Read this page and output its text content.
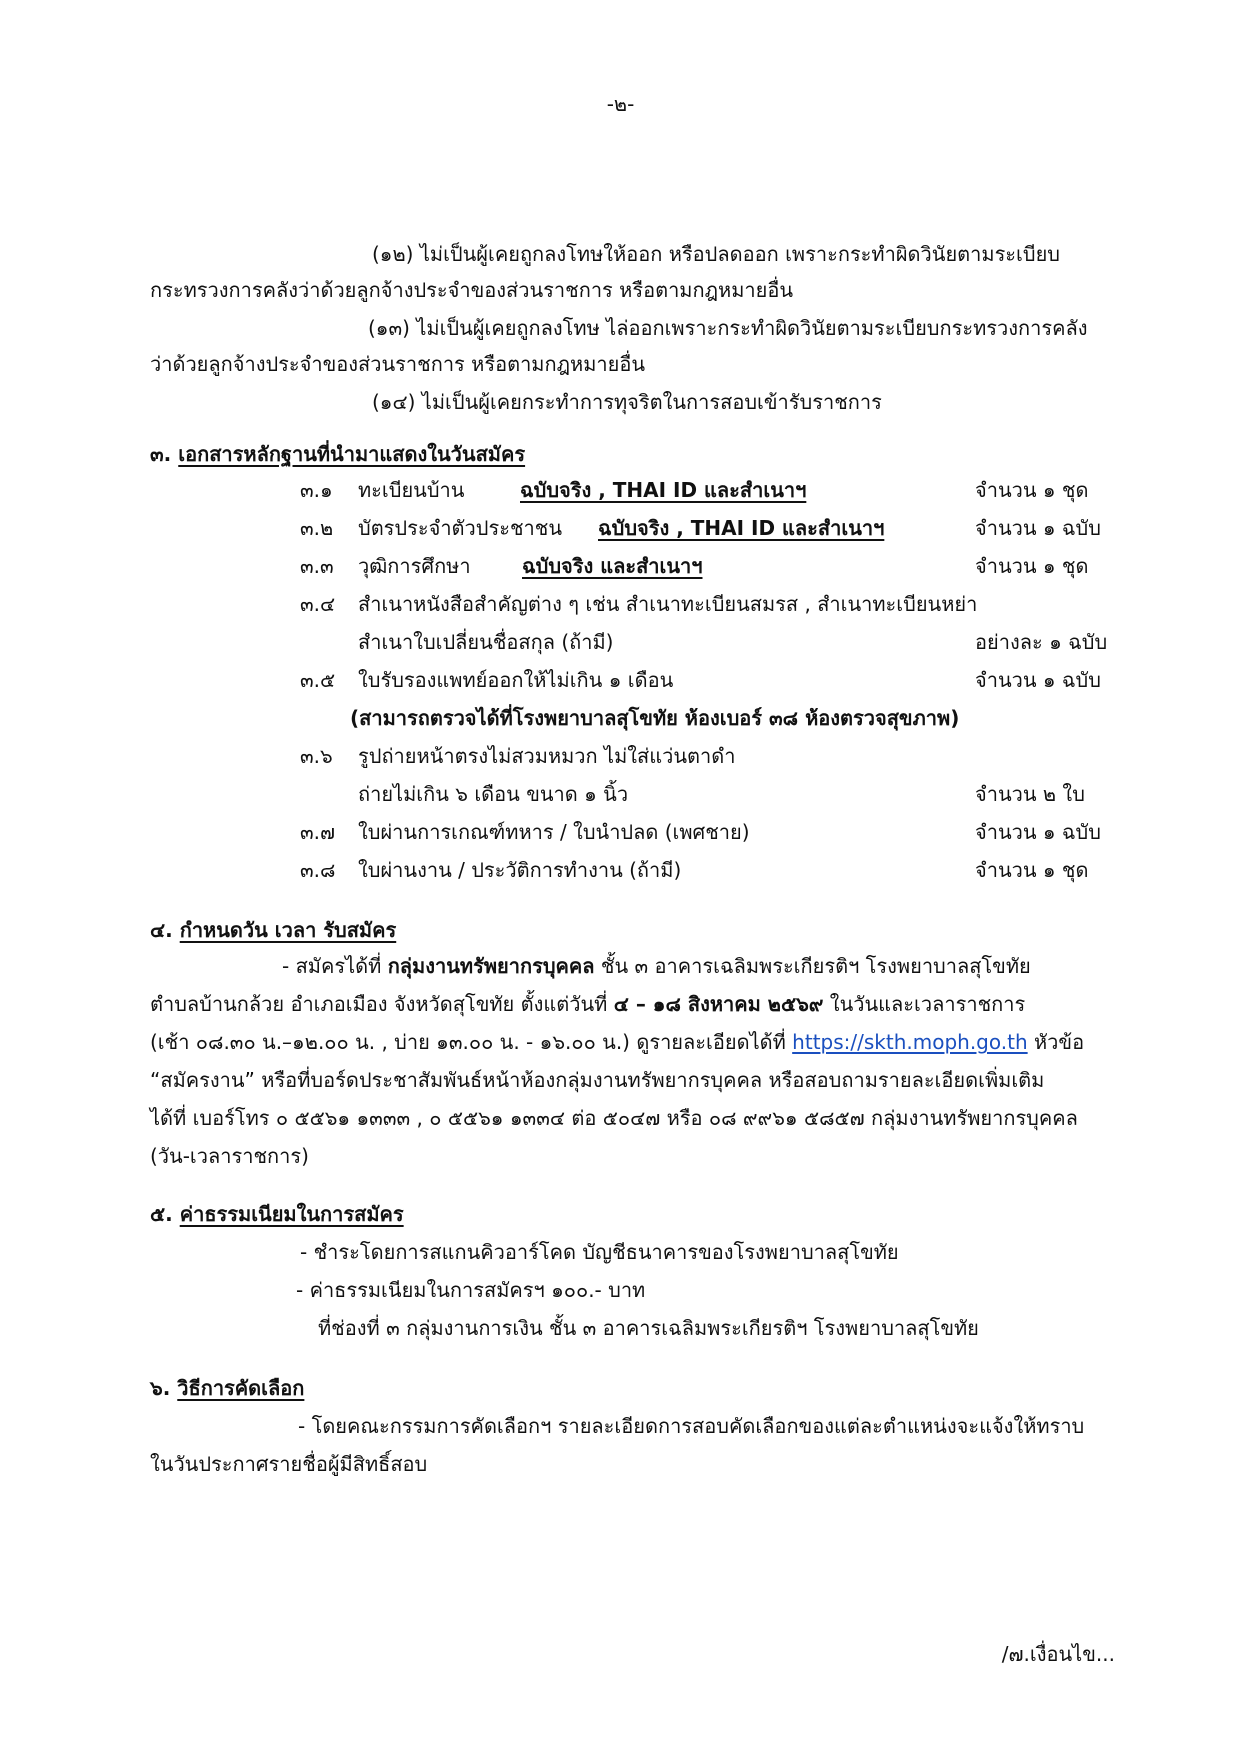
-๒-
(๑๒) ไม่เป็นผู้เคยถูกลงโทษให้ออก หรือปลดออก เพราะกระทำผิดวินัยตามระเบียบ
กระทรวงการคลังว่าด้วยลูกจ้างประจำของส่วนราชการ หรือตามกฎหมายอื่น
(๑๓) ไม่เป็นผู้เคยถูกลงโทษ ไล่ออกเพราะกระทำผิดวินัยตามระเบียบกระทรวงการคลัง
ว่าด้วยลูกจ้างประจำของส่วนราชการ หรือตามกฎหมายอื่น
(๑๔) ไม่เป็นผู้เคยกระทำการทุจริตในการสอบเข้ารับราชการ
๓. เอกสารหลักฐานที่นำมาแสดงในวันสมัคร
๓.๑ ทะเบียนบ้าน	ฉบับจริง , THAI ID และสำเนาฯ	จำนวน ๑ ชุด
๓.๒ บัตรประจำตัวประชาชน ฉบับจริง , THAI ID และสำเนาฯ	จำนวน ๑ ฉบับ
๓.๓ วุฒิการศึกษา	ฉบับจริง และสำเนาฯ	จำนวน ๑ ชุด
๓.๔ สำเนาหนังสือสำคัญต่าง ๆ เช่น สำเนาทะเบียนสมรส , สำเนาทะเบียนหย่า
สำเนาใบเปลี่ยนชื่อสกุล (ถ้ามี)	อย่างละ ๑ ฉบับ
๓.๕ ใบรับรองแพทย์ออกให้ไม่เกิน ๑ เดือน	จำนวน ๑ ฉบับ
(สามารถตรวจได้ที่โรงพยาบาลสุโขทัย ห้องเบอร์ ๓๘ ห้องตรวจสุขภาพ)
๓.๖ รูปถ่ายหน้าตรงไม่สวมหมวก ไม่ใส่แว่นตาดำ
ถ่ายไม่เกิน ๖ เดือน ขนาด ๑ นิ้ว	จำนวน ๒ ใบ
๓.๗ ใบผ่านการเกณฑ์ทหาร / ใบนำปลด (เพศชาย)	จำนวน ๑ ฉบับ
๓.๘ ใบผ่านงาน / ประวัติการทำงาน (ถ้ามี)	จำนวน ๑ ชุด
๔. กำหนดวัน เวลา รับสมัคร
- สมัครได้ที่ กลุ่มงานทรัพยากรบุคคล ชั้น ๓ อาคารเฉลิมพระเกียรติฯ โรงพยาบาลสุโขทัย
ตำบลบ้านกล้วย อำเภอเมือง จังหวัดสุโขทัย ตั้งแต่วันที่ ๔ – ๑๘ สิงหาคม ๒๕๖๙ ในวันและเวลาราชการ
(เช้า ๐๘.๓๐ น.–๑๒.๐๐ น. , บ่าย ๑๓.๐๐ น. - ๑๖.๐๐ น.) ดูรายละเอียดได้ที่ https://skth.moph.go.th หัวข้อ
“สมัครงาน” หรือที่บอร์ดประชาสัมพันธ์หน้าห้องกลุ่มงานทรัพยากรบุคคล หรือสอบถามรายละเอียดเพิ่มเติม
ได้ที่ เบอร์โทร ๐ ๕๕๖๑ ๑๓๓๓ , ๐ ๕๕๖๑ ๑๓๓๔ ต่อ ๕๐๔๗ หรือ ๐๘ ๙๙๖๑ ๕๘๕๗ กลุ่มงานทรัพยากรบุคคล
(วัน-เวลาราชการ)
๕. ค่าธรรมเนียมในการสมัคร
- ชำระโดยการสแกนคิวอาร์โคด บัญชีธนาคารของโรงพยาบาลสุโขทัย
- ค่าธรรมเนียมในการสมัครฯ ๑๐๐.- บาท
ที่ช่องที่ ๓ กลุ่มงานการเงิน ชั้น ๓ อาคารเฉลิมพระเกียรติฯ โรงพยาบาลสุโขทัย
๖. วิธีการคัดเลือก
- โดยคณะกรรมการคัดเลือกฯ รายละเอียดการสอบคัดเลือกของแต่ละตำแหน่งจะแจ้งให้ทราบ
ในวันประกาศรายชื่อผู้มีสิทธิ์สอบ
/๗.เงื่อนไข...
